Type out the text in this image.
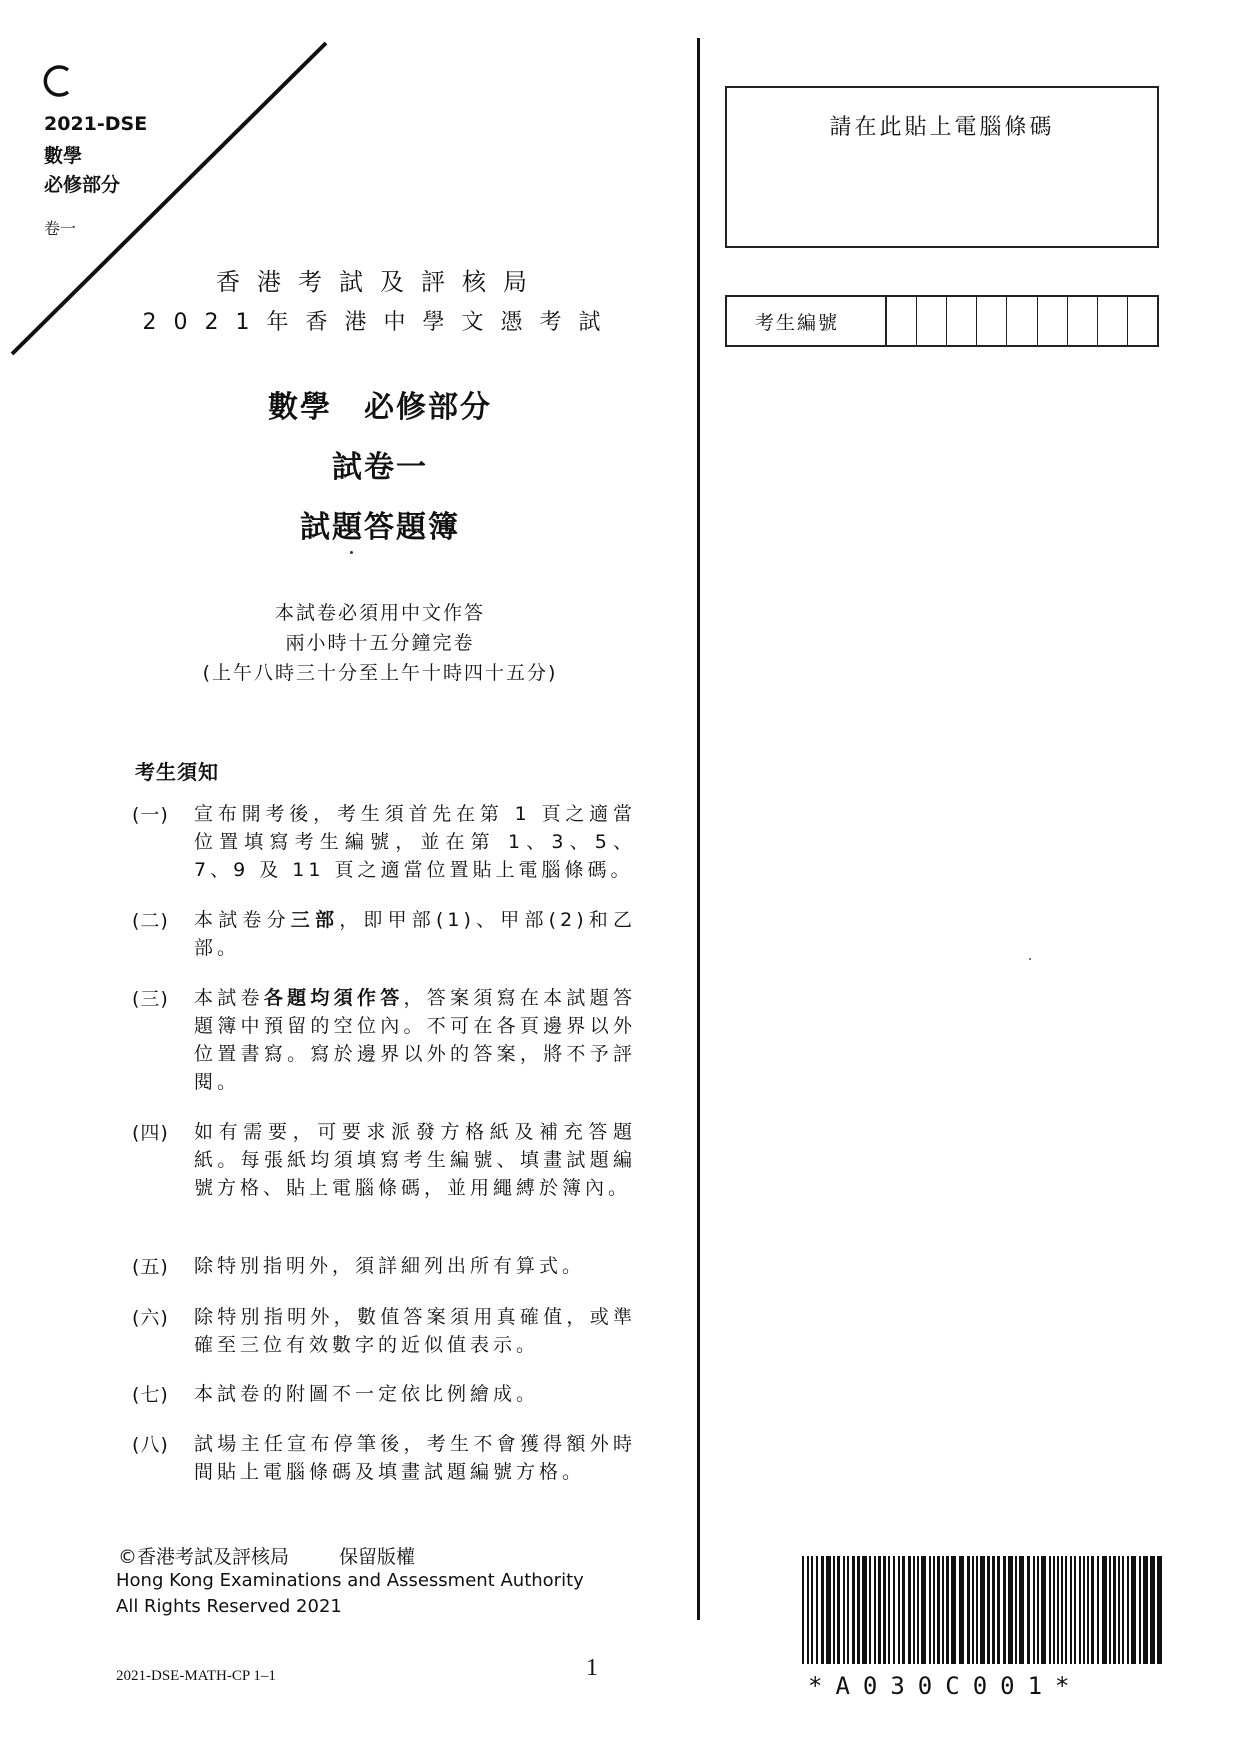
2021-DSE
數學
必修部分
卷一
香港考試及評核局
2021年香港中學文憑考試
數學　必修部分
試卷一
試題答題簿
本試卷必須用中文作答
兩小時十五分鐘完卷
(上午八時三十分至上午十時四十五分)
考生須知
(一)	宣布開考後，考生須首先在第 1 頁之適當位置填寫考生編號，並在第 1、3、5、7、9 及 11 頁之適當位置貼上電腦條碼。
(二)	本試卷分三部，即甲部(1)、甲部(2)和乙部。
(三)	本試卷各題均須作答，答案須寫在本試題答題簿中預留的空位內。不可在各頁邊界以外位置書寫。寫於邊界以外的答案，將不予評閱。
(四)	如有需要，可要求派發方格紙及補充答題紙。每張紙均須填寫考生編號、填畫試題編號方格、貼上電腦條碼，並用繩縛於簿內。
(五)	除特別指明外，須詳細列出所有算式。
(六)	除特別指明外，數值答案須用真確值，或準確至三位有效數字的近似值表示。
(七)	本試卷的附圖不一定依比例繪成。
(八)	試場主任宣布停筆後，考生不會獲得額外時間貼上電腦條碼及填畫試題編號方格。
©香港考試及評核局	保留版權
Hong Kong Examinations and Assessment Authority
All Rights Reserved 2021
2021-DSE-MATH-CP 1–1	1
請在此貼上電腦條碼
考生編號
*A030C001*
